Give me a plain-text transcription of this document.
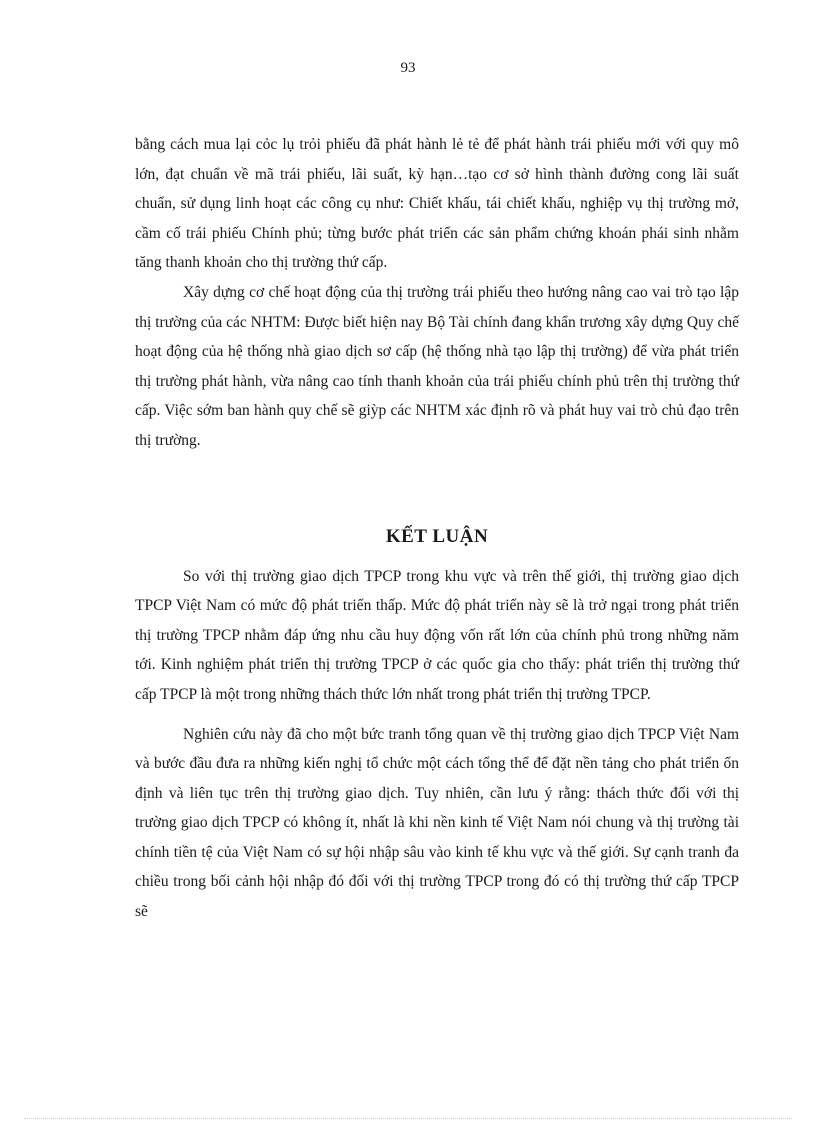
93

bằng cách mua lại cỏc lụ trỏi phiếu đã phát hành lẻ tẻ để phát hành trái phiếu mới với quy mô lớn, đạt chuẩn về mã trái phiếu, lãi suất, kỳ hạn…tạo cơ sở hình thành đường cong lãi suất chuẩn, sử dụng linh hoạt các công cụ như: Chiết khấu, tái chiết khấu, nghiệp vụ thị trường mở, cầm cố trái phiếu Chính phủ; từng bước phát triển các sản phẩm chứng khoán phái sinh nhằm tăng thanh khoản cho thị trường thứ cấp.

Xây dựng cơ chế hoạt động của thị trường trái phiếu theo hướng nâng cao vai trò tạo lập thị trường của các NHTM: Được biết hiện nay Bộ Tài chính đang khẩn trương xây dựng Quy chế hoạt động của hệ thống nhà giao dịch sơ cấp (hệ thống nhà tạo lập thị trường) để vừa phát triển thị trường phát hành, vừa nâng cao tính thanh khoản của trái phiếu chính phủ trên thị trường thứ cấp. Việc sớm ban hành quy chế sẽ giỳp các NHTM xác định rõ và phát huy vai trò chủ đạo trên thị trường.

KẾT LUẬN

So với thị trường giao dịch TPCP trong khu vực và trên thế giới, thị trường giao dịch TPCP Việt Nam có mức độ phát triển thấp. Mức độ phát triển này sẽ là trở ngại trong phát triển thị trường TPCP nhằm đáp ứng nhu cầu huy động vốn rất lớn của chính phủ trong những năm tới. Kinh nghiệm phát triển thị trường TPCP ở các quốc gia cho thấy: phát triển thị trường thứ cấp TPCP là một trong những thách thức lớn nhất trong phát triển thị trường TPCP.

Nghiên cứu này đã cho một bức tranh tổng quan về thị trường giao dịch TPCP Việt Nam và bước đầu đưa ra những kiến nghị tổ chức một cách tổng thể để đặt nền tảng cho phát triển ổn định và liên tục trên thị trường giao dịch. Tuy nhiên, cần lưu ý rằng: thách thức đối với thị trường giao dịch TPCP có không ít, nhất là khi nền kinh tế Việt Nam nói chung và thị trường tài chính tiền tệ của Việt Nam có sự hội nhập sâu vào kinh tế khu vực và thế giới. Sự cạnh tranh đa chiều trong bối cảnh hội nhập đó đối với thị trường TPCP trong đó có thị trường thứ cấp TPCP sẽ
